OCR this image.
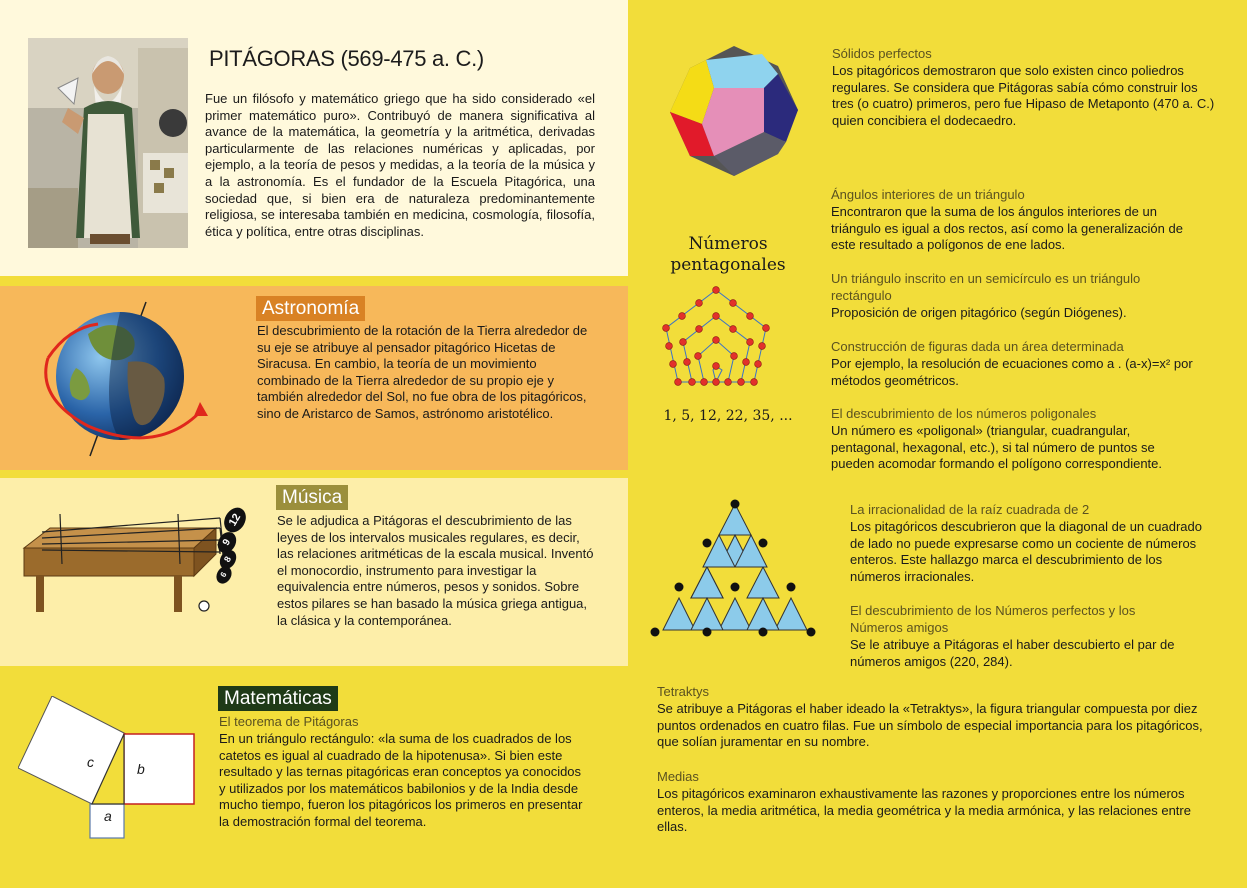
PITÁGORAS (569-475 a. C.)
Fue un filósofo y matemático griego que ha sido considerado «el primer matemático puro». Contribuyó de manera significativa al avance de la matemática, la geometría y la aritmética, derivadas particularmente de las relaciones numéricas y aplicadas, por ejemplo, a la teoría de pesos y medidas, a la teoría de la música y a la astronomía. Es el fundador de la Escuela Pitagórica, una sociedad que, si bien era de naturaleza predominantemente religiosa, se interesaba también en medicina, cosmología, filosofía, ética y política, entre otras disciplinas.
Astronomía
El descubrimiento de la rotación de la Tierra alrededor de su eje se atribuye al pensador pitagórico Hicetas de Siracusa. En cambio, la teoría de un movimiento combinado de la Tierra alrededor de su propio eje y también alrededor del Sol, no fue obra de los pitagóricos, sino de Aristarco de Samos, astrónomo aristotélico.
12
9
8
6
Música
Se le adjudica a Pitágoras el descubrimiento de las leyes de los intervalos musicales regulares, es decir, las relaciones aritméticas de la escala musical. Inventó el monocordio, instrumento para investigar la equivalencia entre números, pesos y sonidos. Sobre estos pilares se han basado la música griega antigua, la clásica y la contemporánea.
c	b
a
Matemáticas
El teorema de Pitágoras
En un triángulo rectángulo: «la suma de los cuadrados de los catetos es igual al cuadrado de la hipotenusa». Si bien este resultado y las ternas pitagóricas eran conceptos ya conocidos y utilizados por los matemáticos babilonios y de la India desde mucho tiempo, fueron los pitagóricos los primeros en presentar la demostración formal del teorema.
Sólidos perfectos
Los pitagóricos demostraron que solo existen cinco poliedros regulares. Se considera que Pitágoras sabía cómo construir los tres (o cuatro) primeros, pero fue Hipaso de Metaponto (470 a. C.) quien concibiera el dodecaedro.
Números
pentagonales
1, 5, 12, 22, 35, ...
Ángulos interiores de un triángulo
Encontraron que la suma de los ángulos interiores de un triángulo es igual a dos rectos, así como la generalización de este resultado a polígonos de ene lados.
Un triángulo inscrito en un semicírculo es un triángulo rectángulo
Proposición de origen pitagórico (según Diógenes).
Construcción de figuras dada un área determinada
Por ejemplo, la resolución de ecuaciones como a . (a-x)=x² por métodos geométricos.
El descubrimiento de los números poligonales
Un número es «poligonal» (triangular, cuadrangular, pentagonal, hexagonal, etc.), si tal número de puntos se pueden acomodar formando el polígono correspondiente.
La irracionalidad de la raíz cuadrada de 2
Los pitagóricos descubrieron que la diagonal de un cuadrado de lado no puede expresarse como un cociente de números enteros. Este hallazgo marca el descubrimiento de los números irracionales.
El descubrimiento de los Números perfectos y los Números amigos
Se le atribuye a Pitágoras el haber descubierto el par de números amigos (220, 284).
Tetraktys
Se atribuye a Pitágoras el haber ideado la «Tetraktys», la figura triangular compuesta por diez puntos ordenados en cuatro filas. Fue un símbolo de especial importancia para los pitagóricos, que solían juramentar en su nombre.
Medias
Los pitagóricos examinaron exhaustivamente las razones y proporciones entre los números enteros, la media aritmética, la media geométrica y la media armónica, y las relaciones entre ellas.
